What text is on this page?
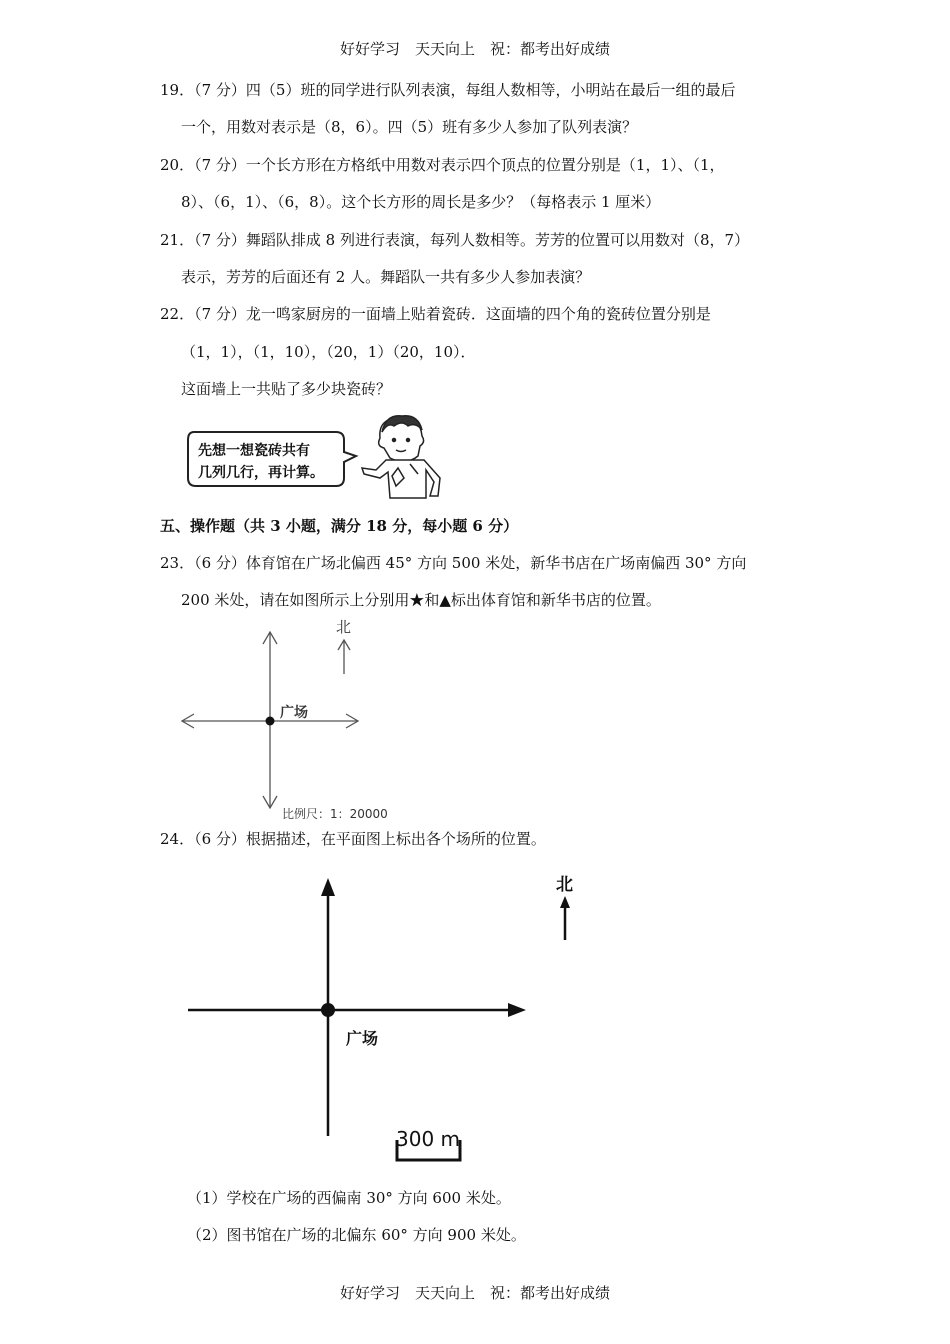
好好学习　天天向上　祝：都考出好成绩
19．（7 分）四（5）班的同学进行队列表演，每组人数相等，小明站在最后一组的最后
一个，用数对表示是（8，6）。四（5）班有多少人参加了队列表演？
20．（7 分）一个长方形在方格纸中用数对表示四个顶点的位置分别是（1，1）、（1，
8）、（6，1）、（6，8）。这个长方形的周长是多少？（每格表示 1 厘米）
21．（7 分）舞蹈队排成 8 列进行表演，每列人数相等。芳芳的位置可以用数对（8，7）
表示，芳芳的后面还有 2 人。舞蹈队一共有多少人参加表演？
22．（7 分）龙一鸣家厨房的一面墙上贴着瓷砖．这面墙的四个角的瓷砖位置分别是
（1，1），（1，10），（20，1）（20，10）．
这面墙上一共贴了多少块瓷砖？
先想一想瓷砖共有
几列几行，再计算。
五、操作题（共 3 小题，满分 18 分，每小题 6 分）
23．（6 分）体育馆在广场北偏西 45° 方向 500 米处，新华书店在广场南偏西 30° 方向
200 米处，请在如图所示上分别用★和▲标出体育馆和新华书店的位置。
北
广场
比例尺：1：20000
24．（6 分）根据描述，在平面图上标出各个场所的位置。
北
广场
300 m
（1）学校在广场的西偏南 30° 方向 600 米处。
（2）图书馆在广场的北偏东 60° 方向 900 米处。
好好学习　天天向上　祝：都考出好成绩
